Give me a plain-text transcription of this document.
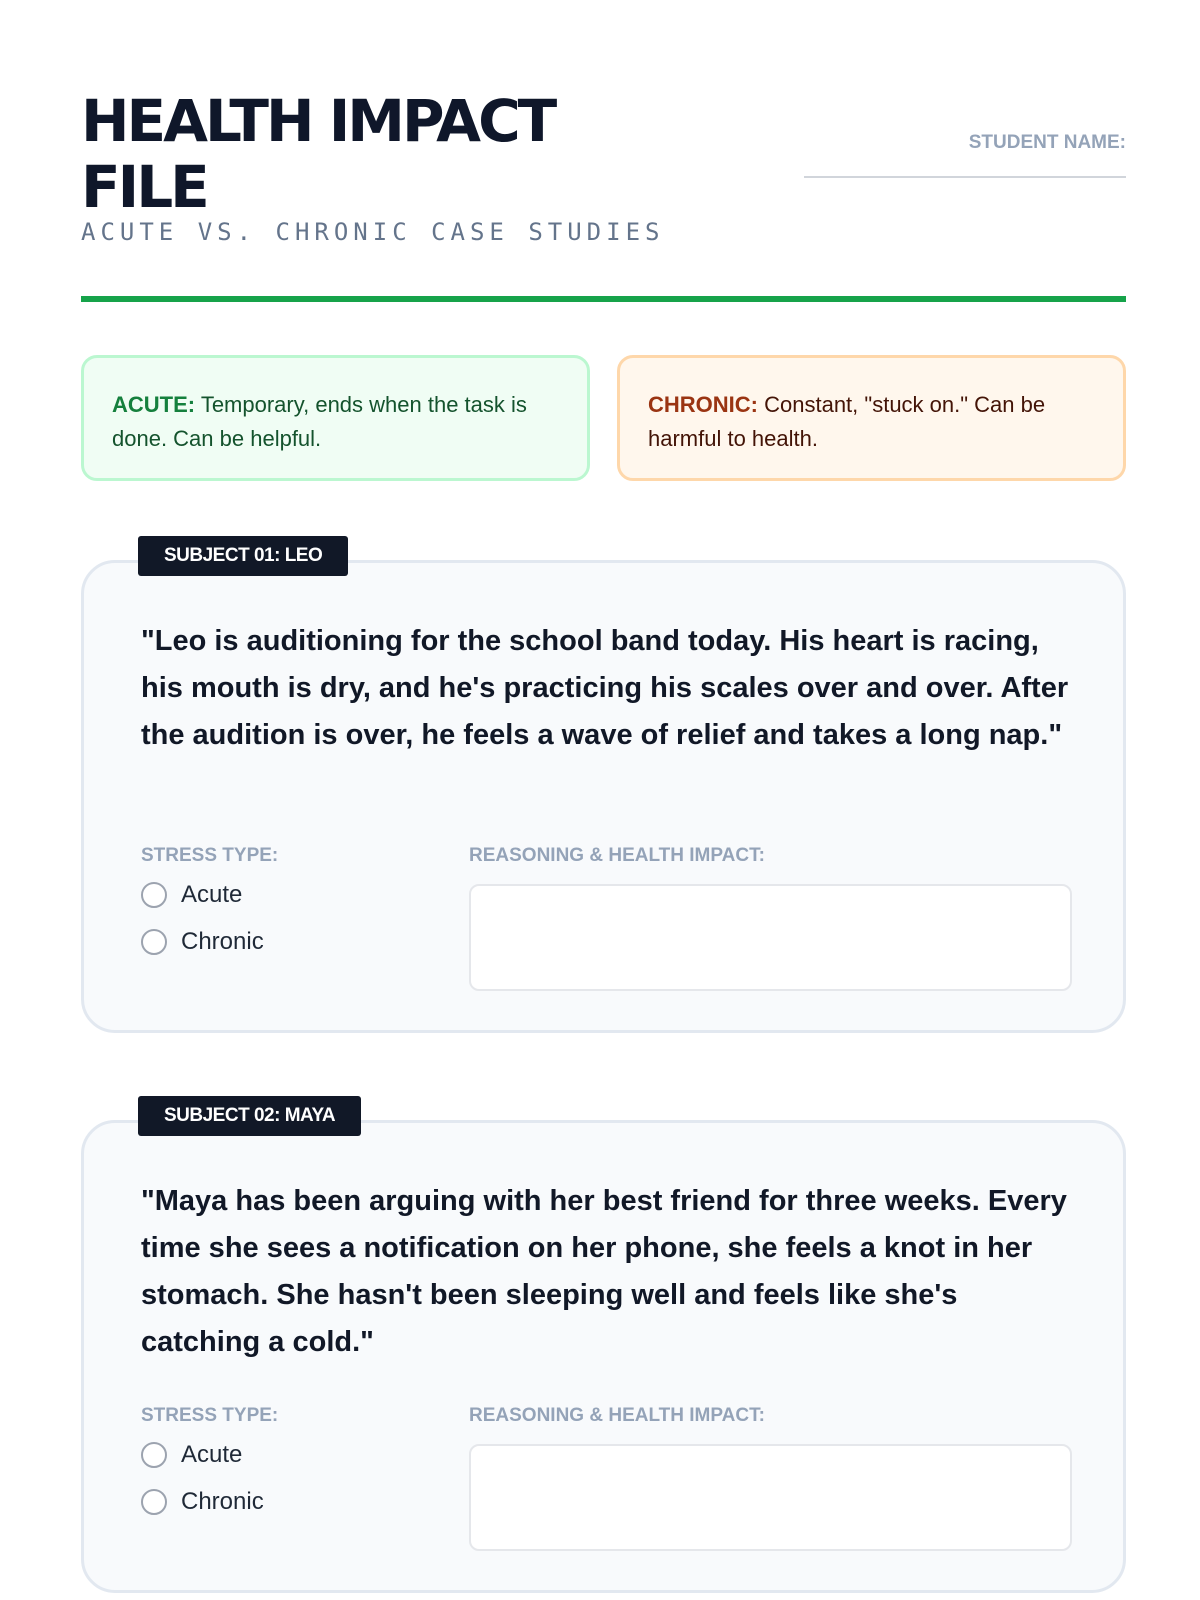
HEALTH IMPACT FILE
ACUTE VS. CHRONIC CASE STUDIES
STUDENT NAME:
ACUTE: Temporary, ends when the task is done. Can be helpful.
CHRONIC: Constant, "stuck on." Can be harmful to health.
SUBJECT 01: LEO
"Leo is auditioning for the school band today. His heart is racing, his mouth is dry, and he's practicing his scales over and over. After the audition is over, he feels a wave of relief and takes a long nap."
STRESS TYPE:	REASONING & HEALTH IMPACT:
Acute
Chronic
SUBJECT 02: MAYA
"Maya has been arguing with her best friend for three weeks. Every time she sees a notification on her phone, she feels a knot in her stomach. She hasn't been sleeping well and feels like she's catching a cold."
STRESS TYPE:	REASONING & HEALTH IMPACT:
Acute
Chronic
